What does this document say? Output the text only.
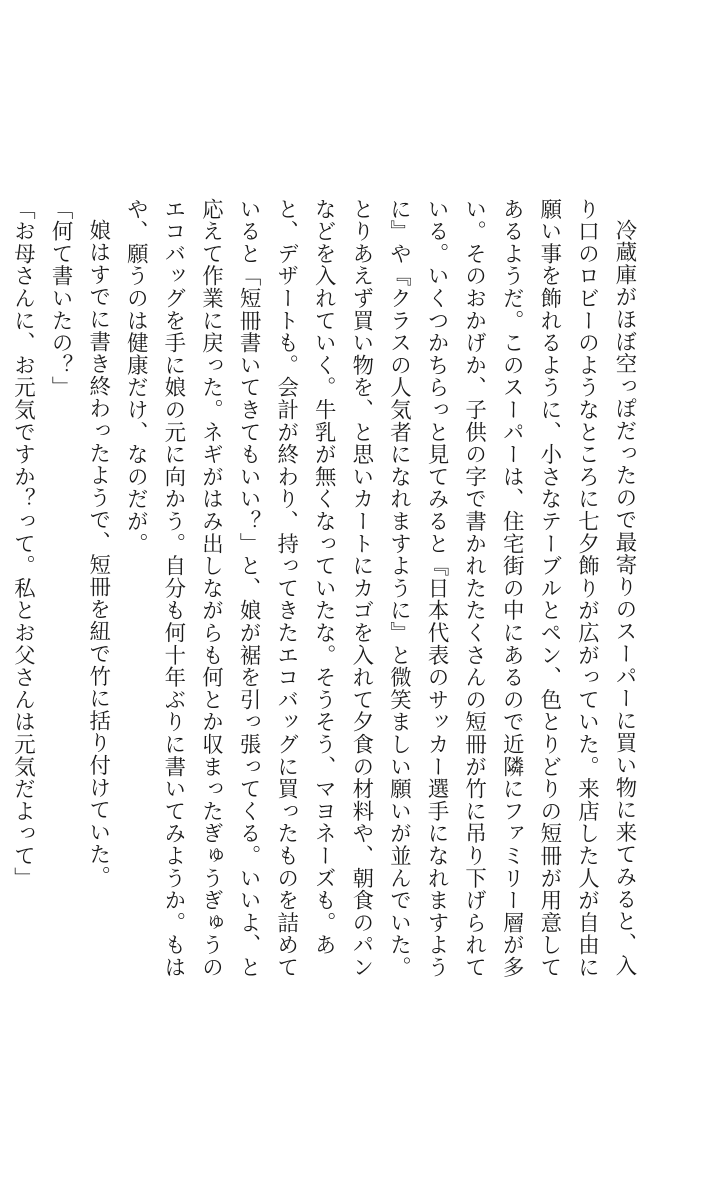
冷蔵庫がほぼ空っぽだったので最寄りのスーパーに買い物に来てみると、入り口のロビーのようなところに七夕飾りが広がっていた。来店した人が自由に願い事を飾れるように、小さなテーブルとペン、色とりどりの短冊が用意してあるようだ。このスーパーは、住宅街の中にあるので近隣にファミリー層が多い。そのおかげか、子供の字で書かれたたくさんの短冊が竹に吊り下げられている。いくつかちらっと見てみると『日本代表のサッカー選手になれますように』や『クラスの人気者になれますように』と微笑ましい願いが並んでいた。とりあえず買い物を、と思いカートにカゴを入れて夕食の材料や、朝食のパンなどを入れていく。牛乳が無くなっていたな。そうそう、マヨネーズも。あと、デザートも。会計が終わり、持ってきたエコバッグに買ったものを詰めていると「短冊書いてきてもいい？」と、娘が裾を引っ張ってくる。いいよ、と応えて作業に戻った。ネギがはみ出しながらも何とか収まったぎゅうぎゅうのエコバッグを手に娘の元に向かう。自分も何十年ぶりに書いてみようか。もはや、願うのは健康だけ、なのだが。

娘はすでに書き終わったようで、短冊を紐で竹に括り付けていた。

「何て書いたの？」

「お母さんに、お元気ですか？って。私とお父さんは元気だよって」
